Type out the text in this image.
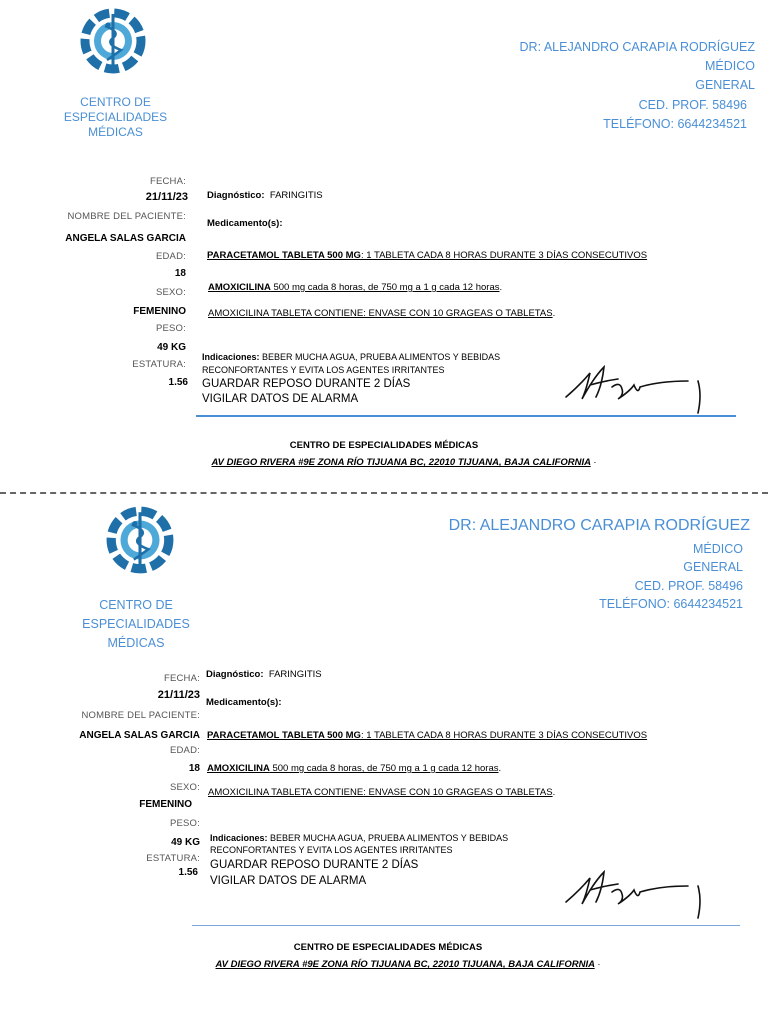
CENTRO DE
ESPECIALIDADES
MÉDICAS
DR: ALEJANDRO CARAPIA RODRÍGUEZ
MÉDICO
GENERAL
CED. PROF. 58496
TELÉFONO: 6644234521
FECHA:
21/11/23
NOMBRE DEL PACIENTE:
ANGELA SALAS GARCIA
EDAD:
18
SEXO:
FEMENINO
PESO:
49 KG
ESTATURA:
1.56
Diagnóstico: FARINGITIS
Medicamento(s):
PARACETAMOL TABLETA 500 MG: 1 TABLETA CADA 8 HORAS DURANTE 3 DÍAS CONSECUTIVOS
AMOXICILINA 500 mg cada 8 horas, de 750 mg a 1 g cada 12 horas.
AMOXICILINA TABLETA CONTIENE: ENVASE CON 10 GRAGEAS O TABLETAS.
Indicaciones: BEBER MUCHA AGUA, PRUEBA ALIMENTOS Y BEBIDAS
RECONFORTANTES Y EVITA LOS AGENTES IRRITANTES
GUARDAR REPOSO DURANTE 2 DÍAS
VIGILAR DATOS DE ALARMA
CENTRO DE ESPECIALIDADES MÉDICAS
AV DIEGO RIVERA #9E ZONA RÍO TIJUANA BC, 22010 TIJUANA, BAJA CALIFORNIA ·
CENTRO DE
ESPECIALIDADES
MÉDICAS
DR: ALEJANDRO CARAPIA RODRÍGUEZ
MÉDICO
GENERAL
CED. PROF. 58496
TELÉFONO: 6644234521
FECHA:
21/11/23
NOMBRE DEL PACIENTE:
ANGELA SALAS GARCIA
EDAD:
18
SEXO:
FEMENINO
PESO:
49 KG
ESTATURA:
1.56
Diagnóstico: FARINGITIS
Medicamento(s):
PARACETAMOL TABLETA 500 MG: 1 TABLETA CADA 8 HORAS DURANTE 3 DÍAS CONSECUTIVOS
AMOXICILINA 500 mg cada 8 horas, de 750 mg a 1 g cada 12 horas.
AMOXICILINA TABLETA CONTIENE: ENVASE CON 10 GRAGEAS O TABLETAS.
Indicaciones: BEBER MUCHA AGUA, PRUEBA ALIMENTOS Y BEBIDAS
RECONFORTANTES Y EVITA LOS AGENTES IRRITANTES
GUARDAR REPOSO DURANTE 2 DÍAS
VIGILAR DATOS DE ALARMA
CENTRO DE ESPECIALIDADES MÉDICAS
AV DIEGO RIVERA #9E ZONA RÍO TIJUANA BC, 22010 TIJUANA, BAJA CALIFORNIA ·
